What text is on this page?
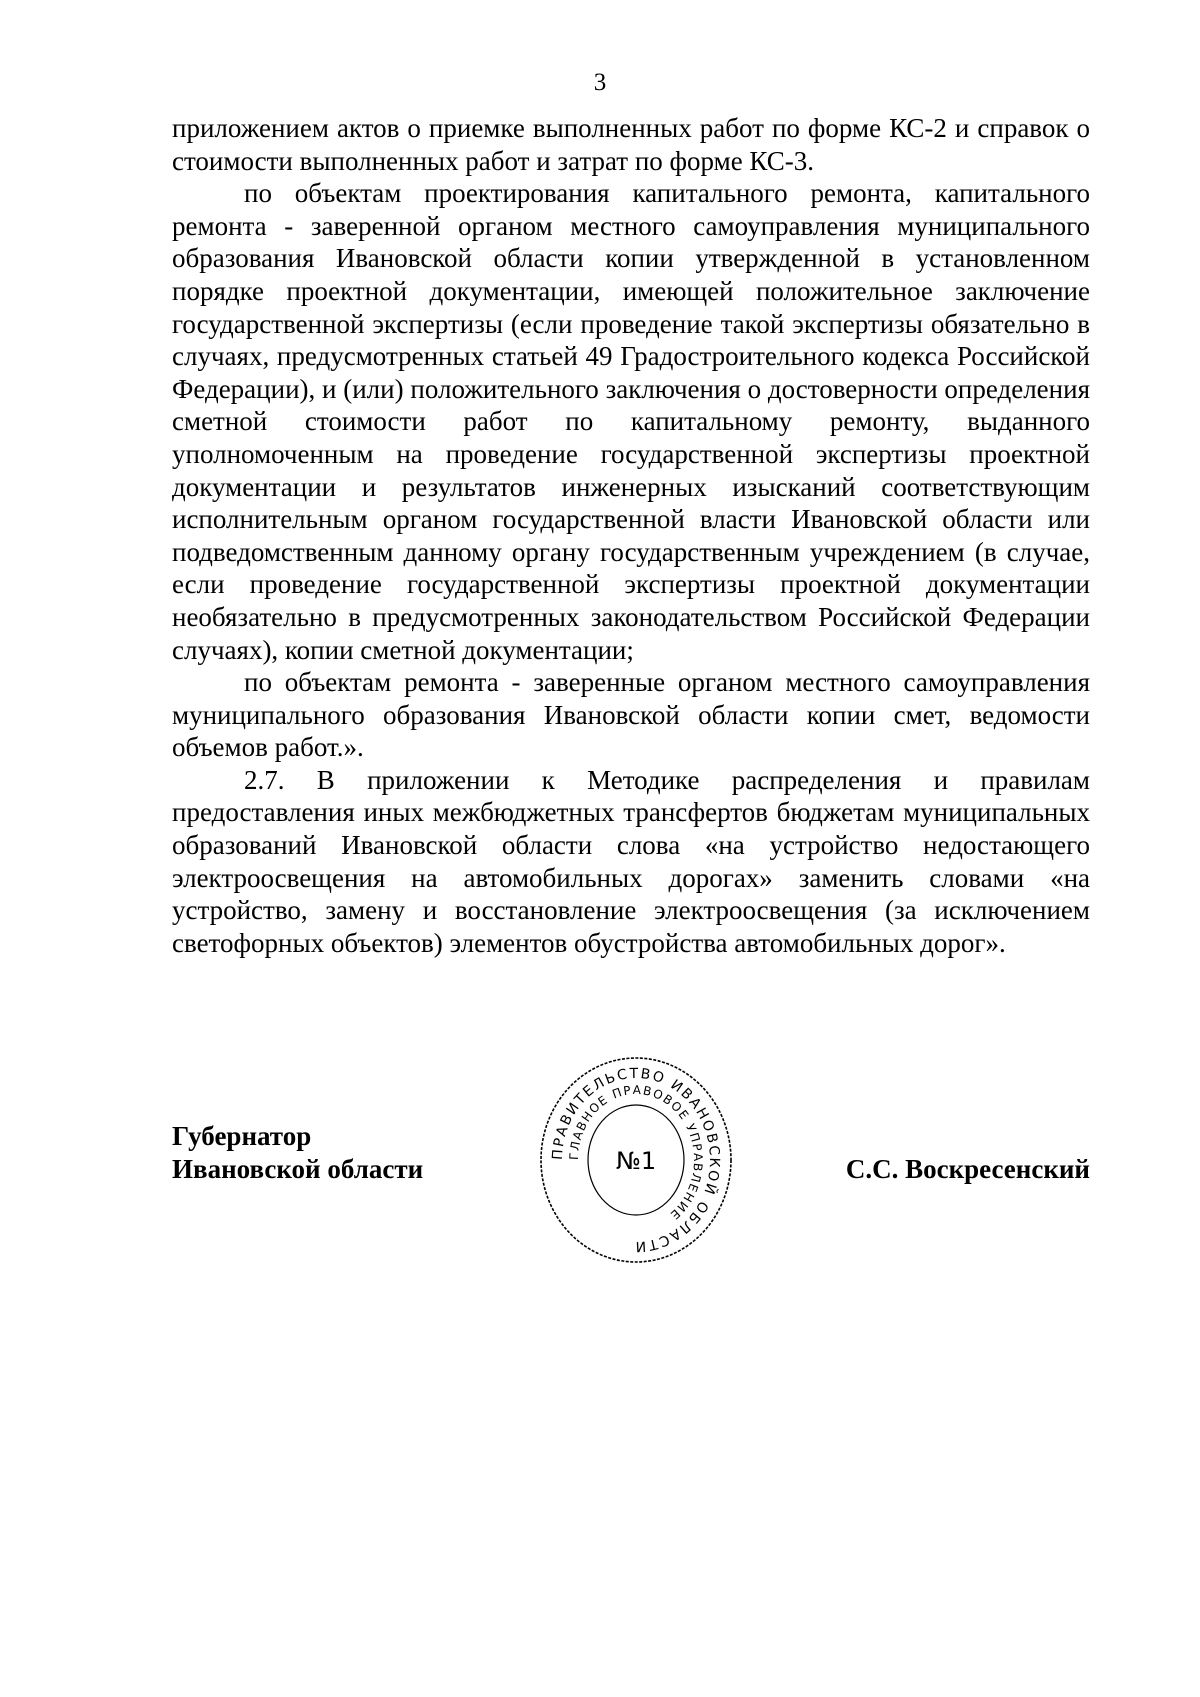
3

приложением актов о приемке выполненных работ по форме КС-2 и справок о стоимости выполненных работ и затрат по форме КС-3.

по объектам проектирования капитального ремонта, капитального ремонта - заверенной органом местного самоуправления муниципального образования Ивановской области копии утвержденной в установленном порядке проектной документации, имеющей положительное заключение государственной экспертизы (если проведение такой экспертизы обязательно в случаях, предусмотренных статьей 49 Градостроительного кодекса Российской Федерации), и (или) положительного заключения о достоверности определения сметной стоимости работ по капитальному ремонту, выданного уполномоченным на проведение государственной экспертизы проектной документации и результатов инженерных изысканий соответствующим исполнительным органом государственной власти Ивановской области или подведомственным данному органу государственным учреждением (в случае, если проведение государственной экспертизы проектной документации необязательно в предусмотренных законодательством Российской Федерации случаях), копии сметной документации;

по объектам ремонта - заверенные органом местного самоуправления муниципального образования Ивановской области копии смет, ведомости объемов работ.».

2.7. В приложении к Методике распределения и правилам предоставления иных межбюджетных трансфертов бюджетам муниципальных образований Ивановской области слова «на устройство недостающего электроосвещения на автомобильных дорогах» заменить словами «на устройство, замену и восстановление электроосвещения (за исключением светофорных объектов) элементов обустройства автомобильных дорог».

Губернатор
Ивановской области	С.С. Воскресенский
ПРАВИТЕЛЬСТВО ИВАНОВСКОЙ ОБЛАСТИ
ГЛАВНОЕ ПРАВОВОЕ УПРАВЛЕНИЕ
№1
